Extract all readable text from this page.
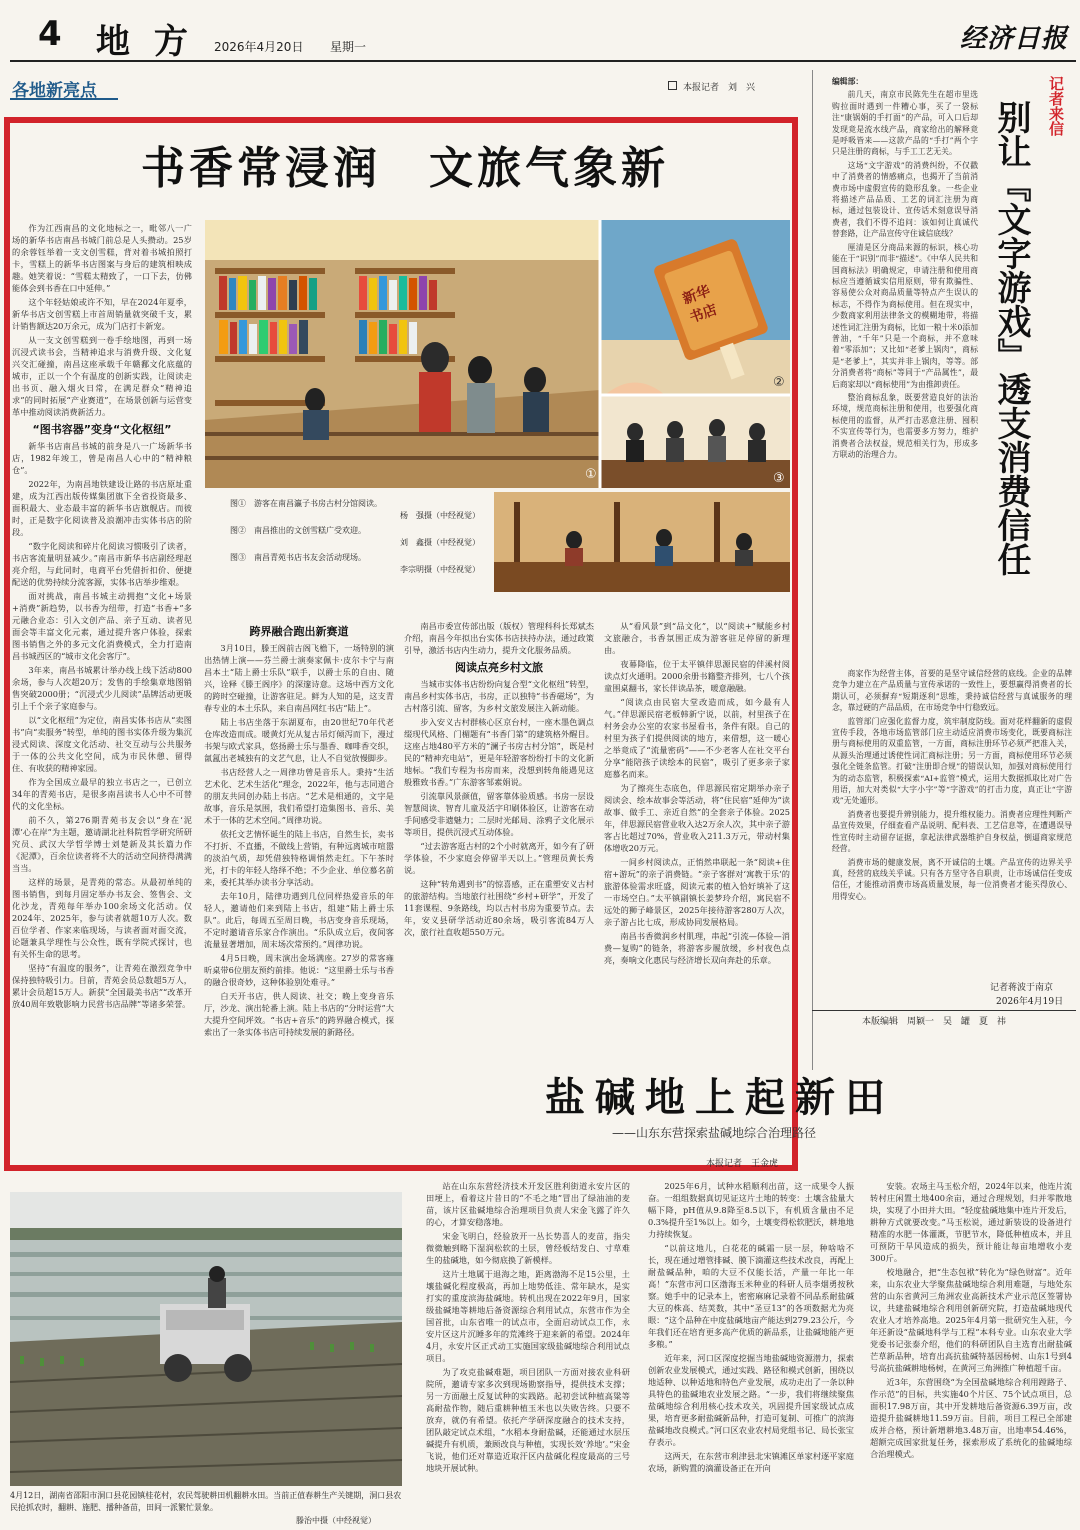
4 地 方 2026年4月20日 星期一	经济日报
各地新亮点	本报记者　刘　兴
书香常浸润　文旅气象新

作为江西南昌的文化地标之一，毗邻八一广场的新华书店南昌书城门前总是人头攒动。25岁的余蓉钰举着一支文创雪糕，背对着书城拍照打卡，雪糕上的新华书店图案与身后的建筑相映成趣。她笑着说：“雪糕太精致了，一口下去，仿佛能体会到书香在口中延伸。”

这个年轻姑娘或许不知，早在2024年夏季，新华书店文创雪糕上市首周销量就突破千支，累计销售额达20万余元，成为门店打卡新宠。

从一支文创雪糕到一卷手绘地图，再到一场沉浸式读书会，当精神追求与消费升级、文化复兴交汇碰撞，南昌这座承载千年赣鄱文化底蕴的城市，正以一个个有温度的创新实践，让阅读走出书页、融入烟火日常，在满足群众“精神追求”的同时拓展“产业赛道”，在场景创新与运营变革中推动阅读消费新活力。

“图书容器”变身“文化枢纽”

新华书店南昌书城的前身是八一广场新华书店，1982年竣工，曾是南昌人心中的“精神粮仓”。

2022年，为南昌地铁建设让路的书店原址重建，成为江西出版传媒集团旗下全省投资最多、面积最大、业态最丰富的新华书店旗舰店。而彼时，正是数字化阅读普及浪潮冲击实体书店的阶段。

“数字化阅读和碎片化阅读习惯吸引了读者，书店客流量明显减少。”南昌市新华书店副经理赵亮介绍，与此同时，电商平台凭借折扣价、便捷配送的优势持续分流客源，实体书店举步维艰。

面对挑战，南昌书城主动拥抱“文化+场景+消费”新趋势，以书香为纽带，打造“书香+”多元融合业态：引入文创产品、亲子互动、读者见面会等丰富文化元素，通过提升客户体验，探索图书销售之外的多元文化消费模式，全力打造南昌书城西区的“城市文化会客厅”。

3年来，南昌书城累计举办线上线下活动800余场，参与人次超20万；发售的手绘集章地图销售突破2000册；“沉浸式少儿阅读”品牌活动更吸引上千个亲子家庭参与。

以“文化枢纽”为定位，南昌实体书店从“卖图书”向“卖服务”转型，单纯的图书实体升级为集沉浸式阅读、深度文化活动、社交互动与公共服务于一体的公共文化空间，成为市民休憩、留得住、有收获的精神家园。

作为全国成立最早的独立书店之一，已创立34年的青苑书店，是很多南昌读书人心中不可替代的文化坐标。

前不久，第276期青苑书友会以“身在‘泥潭’心在岸”为主题，邀请湖北社科院哲学研究所研究员、武汉大学哲学博士刘楚新及其长篇力作《泥潭》，百余位读者将不大的活动空间挤得满满当当。

这样的场景，是青苑的常态。从最初单纯的图书销售，到每月固定举办书友会、签售会、文化沙龙，青苑每年举办100余场文化活动。仅2024年、2025年，参与读者就超10万人次。数百位学者、作家来临现场，与读者面对面交流，论题兼具学理性与公众性，既有学院式探讨，也有关怀生命的思考。

坚持“有温度的服务”，让青苑在激烈竞争中保持独特吸引力。目前，青苑会员总数超5万人，累计会员超15万人。新获“全国最美书店”“改革开放40周年致敬影响力民营书店品牌”等诸多荣誉。

①
新华
书店
②
③
图① 游客在南昌瀛子书房古村分馆阅读。
杨　强摄（中经视觉）
图② 南昌推出的文创雪糕广受欢迎。
刘　鑫摄（中经视觉）
图③ 南昌青苑书店书友会活动现场。
李宗明摄（中经视觉）
跨界融合跑出新赛道

3月10日，滕王阁前古阁飞檐下，一场特别的演出热情上演——芬兰爵士演奏家佩卡·皮尔卡宁与南昌本土“陆上爵士乐队”联手，以爵士乐的自由、随兴，诠释《滕王阁序》的深邃诗意。这场中西方文化的跨时空碰撞，让游客驻足。鲜为人知的是，这支青春专业的本土乐队，来自南昌网红书店“陆上”。

陆上书店坐落于东湖夏布，由20世纪70年代老仓库改造而成。暖黄灯光从复古吊灯倾泻而下，漫过书架与欧式家具，悠扬爵士乐与墨香、咖啡香交织，氤氲出老城独有的文艺气息，让人不自觉放慢脚步。

书店经营人之一周律功曾是音乐人。秉持“生活艺术化、艺术生活化”理念，2022年，他与志同道合的朋友共同创办陆上书店。“艺术是相通的，文字是故事，音乐是氛围，我们希望打造集图书、音乐、美术于一体的艺术空间。”周律功说。

依托文艺情怀诞生的陆上书店，自然生长，卖书不打折、不直播，不做线上营销，有种远离城市喧嚣的淡泊气质，却凭借独特格调悄然走红。下午茶时光，打卡的年轻人络绎不绝；不少企业、单位慕名前来，委托其举办读书分享活动。

去年10月，陆律功遇到几位同样热爱音乐的年轻人，邀请他们来到陆上书店，组建“陆上爵士乐队”。此后，每周五至周日晚，书店变身音乐现场，不定时邀请音乐家合作演出。“乐队成立后，夜间客流量显著增加，周末场次常预约。”周律功说。

4月5日晚，周末演出金场满座。27岁的常客雍昕桌带6位朋友预约前排。他说：“这里爵士乐与书香的融合很奇妙，这种体验别处难寻。”

白天开书店，供人阅读、社交；晚上变身音乐厅，沙龙、演出轮番上演。陆上书店的“分时运营”大大提升空间坪效。“书店+音乐”的跨界融合模式，探索出了一条实体书店可持续发展的新路径。

南昌市委宣传部出版（版权）管理科科长郑斌杰介绍，南昌今年拟出台实体书店扶持办法，通过政策引导，激活书店内生动力，提升文化服务品质。

阅读点亮乡村文旅

当城市实体书店纷纷向复合型“文化枢纽”转型，南昌乡村实体书店，书房，正以独特“书香磁场”，为古村落引流、留客，为乡村文旅发展注入新动能。

步入安义古村群核心区京台村，一座木墨色调点缀现代风格、门楣题有“书香门第”的建筑格外醒目。这座占地480平方米的“澜子书房古村分馆”，既是村民的“精神充电站”，更是年轻游客纷纷打卡的文化新地标。“我们专程为书房而来，没想到转角能遇见这般雅致书香。”广东游客邹素娟说。

引流靠风景颜值，留客靠体验质感。书房一层设智慧阅读、智育儿童及活字印刷体验区，让游客在动手间感受非遗魅力；二层时光邮局、涂鸦子文化展示等项目，提供沉浸式互动体验。

“过去游客逛古村的2个小时就离开，如今有了研学体验，不少家庭会停留半天以上。”管理员黄长秀说。

这种“转角遇到书”的惊喜感，正在重塑安义古村的旅游结构。当地旅行社围绕“乡村+研学”，开发了11套课程、9条路线，均以古村书房为重要节点。去年，安义县研学活动近80余场，吸引客流84万人次，旅行社直收超550万元。

从“看风景”到“品文化”，以“阅读+”赋能乡村文旅融合，书香氛围正成为游客驻足停留的新理由。

夜幕降临，位于太平镇伴思源民宿的伴溪村阅读点灯火通明。2000余册书籍整齐排列，七八个孩童围桌翻书，家长伴读品茶，暖意融融。

“阅读点由民宿大堂改造而成，如今最有人气。”伴思源民宿老板韩新宁说，以前，村里孩子在村务会办公室的农家书屋看书，条件有限。自己的村里为孩子们提供阅读的地方，来借想，这一暖心之举竟成了“流量密码”——不少老客人在社交平台分享“能陪孩子读绘本的民宿”，吸引了更多亲子家庭慕名而来。

为了擦亮生态底色，伴思源民宿定期举办亲子阅读会、绘本故事会等活动，将“住民宿”延伸为“读故事、做手工、亲近自然”的全套亲子体验。2025年，伴思源民宿营业收入达2万余人次，其中亲子游客占比超过70%，营业收入211.3万元，带动村集体增收20万元。

一间乡村阅读点，正悄然串联起一条“阅读+住宿+游玩”的亲子消费链。“亲子客群对‘寓教于乐’的旅游体验需求旺盛，阅读元素的植入恰好填补了这一市场空白。”太平镇副镇长姜梦玲介绍，寓民宿不远处的狮子峰景区，2025年接待游客280万人次，亲子游占比七成，形成协同发展格局。

南昌书香微润乡村肌理，串起“引流—体验—消费—复购”的链条，将游客步履放缓，乡村夜色点亮，奏响文化惠民与经济增长双向奔赴的乐章。

记者来信
别让『文字游戏』透支消费信任

编辑部：

前几天，南京市民陈先生在超市里选购拉面时遇到一件糟心事，买了一袋标注“康锅娟的手打面”的产品，可入口后却发现竟是流水线产品，商家给出的解释竟是呼吸皆来——这款产品的“手打”两个字只是注册的商标，与手工工艺无关。

这场“文字游戏”的消费纠纷，不仅戳中了消费者的情感痛点，也揭开了当前消费市场中虚假宣传的隐形乱象。一些企业将描述产品品质、工艺的词汇注册为商标，通过包装设计、宣传话术刻意误导消费者，我们不得不追问：该如何让真诚代替套路，让产品宣传守住诚信底线？

厘清是区分商品来源的标识，核心功能在于“识别”而非“描述”。《中华人民共和国商标法》明确规定，申请注册和使用商标应当遵循诚实信用原则，带有欺骗性、容易使公众对商品质量等特点产生误认的标志，不得作为商标使用。但在现实中，少数商家利用法律条文的模糊地带，将描述性词汇注册为商标，比如一粮十米0添加普油，“千年”只是一个商标，并不意味着“零添加”；又比如“老爹上锅肉”，商标是“老爹上”，其实并非上锅肉，等等。部分消费者将“商标”等同于“产品属性”，最后商家却以“商标使用”为由推卸责任。

整治商标乱象，既要营造良好的法治环境，规范商标注册和使用，也要强化商标使用的监督，从严打击恶意注册、囤积不实宣传等行为，也需要多方努力，维护消费者合法权益，规范相关行为，形成多方联动的治理合力。

商家作为经营主体，首要的是坚守诚信经营的底线。企业的品牌竞争力建立在产品质量与宣传承诺的一致性上，要想赢得消费者的长期认可，必须摒弃“短期逐利”思维，秉持诚信经营与真诚服务的理念，靠过硬的产品品质，在市场竞争中行稳致远。

监管部门应强化监督力度，筑牢制度防线。面对花样翻新的虚假宣传手段，各地市场监管部门应主动适应消费市场变化，既要商标注册与商标使用的双重监管，一方面，商标注册环节必须严把准入关，从源头治理通过诱使性词汇商标注册；另一方面，商标使用环节必须强化全链条监管。打破“注册即合规”的错误认知，加强对商标使用行为的动态监管，积极探索“AI+监管”模式，运用大数据抓取比对广告用语，加大对类似“大字小字”等“字游戏”的打击力度，真正让“字游戏”无处遁形。

消费者也要提升辨别能力，提升维权能力。消费者应理性判断产品宣传效果，仔细查看产品说明、配料表、工艺信息等，在遭遇误导性宣传时主动留存证据，拿起法律武器维护自身权益，倒逼商家规范经营。

消费市场的健康发展，离不开诚信的土壤。产品宣传的边界关乎真，经营的底线关乎诚。只有各方坚守各自职责，让市场诚信任变成信任，才能推动消费市场高质量发展，每一位消费者才能买得放心、用得安心。

记者蒋波于南京
2026年4月19日
本版编辑　周颖一　吴　罐　夏　祎
盐碱地上起新田
——山东东营探索盐碱地综合治理路径
本报记者　王金虎
4月12日，湖南省邵阳市洞口县花园镇桂花村，农民驾驶耕田机翻耕水田。当前正值春耕生产关键期，洞口县农民抢抓农时，翻耕、施肥、播种备苗，田间一派繁忙景象。
滕治中摄（中经视觉）

站在山东东营经济技术开发区胜利街道永安片区的田埂上，看着这片昔日的“不毛之地”冒出了绿油油的麦苗，该片区盐碱地综合治理项目负责人宋金飞露了许久的心，才算安稳落地。

宋金飞明白，经验放开一丛长势喜人的麦苗，指尖微微触到略下湿润松软的土层，曾经板结发白、寸草难生的盐碱地，如今彻底换了新模样。

这片土地属于退海之地，距离渤海不足15公里，土壤盐碱化程度极高，再加上地势低洼、常年缺水，是实打实的重度滨海盐碱地。转机出现在2022年9月，国家级盐碱地等耕地后备资源综合利用试点，东营市作为全国首批，山东省唯一的试点市，全面启动试点工作，永安片区这片沉睡多年的荒滩终于迎来新的希望。2024年4月，永安片区正式动工实施国家级盐碱地综合利用试点项目。

为了攻克盐碱难题，项目团队一方面对接农业科研院所，邀请专家多次到现场勘察指导，提供技术支撑；另一方面融土反复试种的实践路。起初尝试种植高粱等高耐盐作物，随后重耕种植玉米也以失败告终。只要不放弃，就仍有希望。依托产学研深度融合的技术支持，团队敲定试点术组，“水稻本身耐盐碱，还能通过水层压碱提升有机质，兼顾改良与种植，实现长效‘养地’。”宋金飞说，他们还对靠造近取汗区内盐碱化程度最高的三号地块开展试种。

2025年6月，试种水稻顺利出苗，这一成果令人振奋。一组组数据真切见证这片土地的转变：土壤含盐量大幅下降，pH值从9.8降至8.5以下，有机质含量由不足0.3%提升至1%以上。如今，土壤变得松软肥沃，耕地地力持续恢复。

“以前这地儿，白花花的碱霜一层一层，种啥啥不长，现在通过增管排碱、膜下滴灌这些技术改良，再配上耐盐碱品种，咱的大豆不仅能长活，产量一年比一年高！”东营市河口区渤海玉米种业的科研人员李烟勇按秋察。她手中的记录本上，密密麻麻记录着不同品系耐盐碱大豆的株高、结荚数，其中“圣豆13”的各项数据尤为亮眼：“这个品种在中度盐碱地亩产能达到279.23公斤，今年我们还在培育更多高产优质的新品系，让盐碱地能产更多粮。”

近年来，河口区深度挖掘当地盐碱地资源潜力，探索创新农业发展模式，通过实践、路径和模式创新，围绕以地适种、以种适地和特色产业发展，成功走出了一条以种具特色的盐碱地农业发展之路。“一步，我们将继续聚焦盐碱地综合利用核心技术攻关，巩固提升国家级试点成果，培育更多耐盐碱新品种，打造可复制、可推广的滨海盐碱地改良模式。”河口区农业农村局党组书记、局长张宝存表示。

这两天，在东营市利津县北宋镇滩区单家村逐平家庭农场，新购置的滴灌设备正在开向

安装。农场主马玉松介绍，2024年以来，他连片流转村庄闲置土地400余亩，通过合理规划，归并零散地块，实现了小田并大田。“轻度盐碱地集中连片开发后，耕种方式就要改变。”马玉松说，通过新装设的设备进行精准的水肥一体灌溉，节肥节水，降低种植成本，并且可预防干旱风造成的损失，预计能让每亩地增收小麦300斤。

校地融合，把“生态包袱”转化为“绿色财富”。近年来，山东农业大学聚焦盐碱地综合利用难题，与地处东营的山东省黄河三角洲农业高新技术产业示范区签署协议，共建盐碱地综合利用创新研究院，打造盐碱地现代农业人才培养高地。2025年4月第一批研究生入驻，今年还新设“盐碱地科学与工程”本科专业。山东农业大学党委书记张泰介绍，他们的科研团队自主选育出耐盐碱芒草新品种，培育出高抗盐碱特基因杨树、山东1号到4号高抗盐碱耕地杨树，在黄河三角洲推广种植超千亩。

近3年，东营围绕“为全国盐碱地综合利用蹚路子、作示范”的目标，共实施40个片区、75个试点项目，总面积17.98万亩，其中开发耕地后备资源6.39万亩，改造提升盐碱耕地11.59万亩。目前，项目工程已全部建成并合格，预计新增耕地3.48万亩，出地率54.46%，超额完成国家批复任务，探索形成了系统化的盐碱地综合治理模式。
